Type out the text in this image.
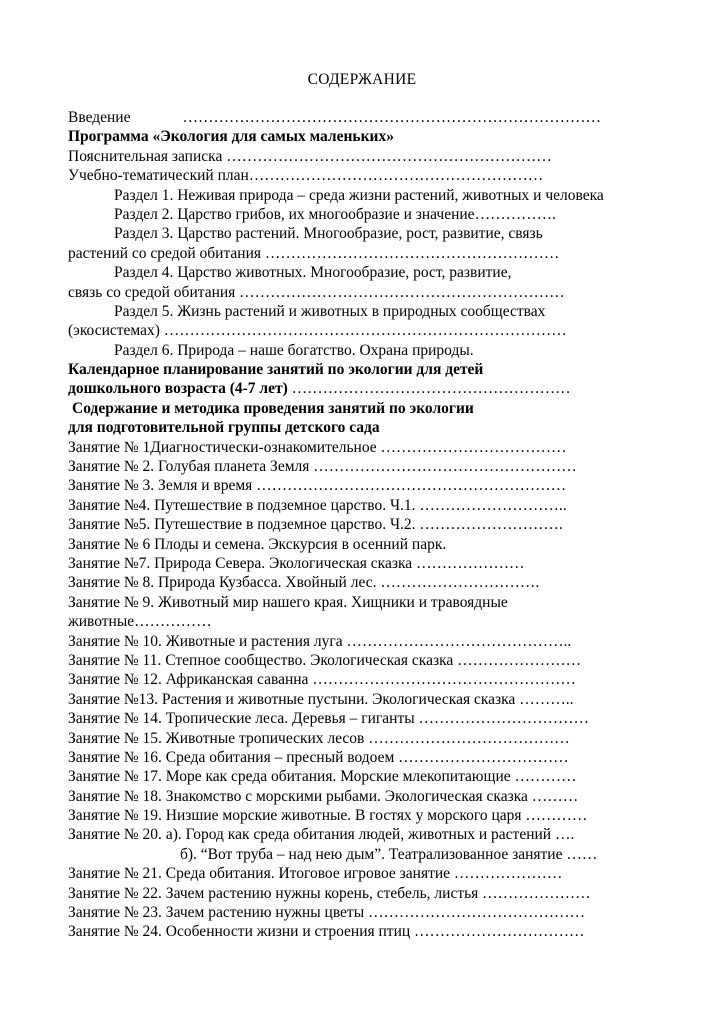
СОДЕРЖАНИЕ
Введение	………………………………………………………………………
Программа «Экология для самых маленьких»
Пояснительная записка ………………………………………………………
Учебно-тематический план…………………………………………………
Раздел 1. Неживая природа – среда жизни растений, животных и человека
Раздел 2. Царство грибов, их многообразие и значение…………….
Раздел 3. Царство растений. Многообразие, рост, развитие, связь
растений со средой обитания …………………………………………………
Раздел 4. Царство животных. Многообразие, рост, развитие,
связь со средой обитания ………………………………………………………
Раздел 5. Жизнь растений и животных в природных сообществах
(экосистемах) ……………………………………………………………………
Раздел 6. Природа – наше богатство. Охрана природы.
Календарное планирование занятий по экологии для детей
дошкольного возраста (4-7 лет) ………………………………………………
Содержание и методика проведения занятий по экологии
для подготовительной группы детского сада
Занятие № 1Диагностически-ознакомительное ………………………………
Занятие № 2. Голубая планета Земля ……………………………………………
Занятие № 3. Земля и время ……………………………………………………
Занятие №4. Путешествие в подземное царство. Ч.1. ………………………..
Занятие №5. Путешествие в подземное царство. Ч.2. ……………………….
Занятие № 6 Плоды и семена. Экскурсия в осенний парк.
Занятие №7. Природа Севера. Экологическая сказка …………………
Занятие № 8. Природа Кузбасса. Хвойный лес. ………………………….
Занятие № 9. Животный мир нашего края. Хищники и травоядные
животные……………
Занятие № 10. Животные и растения луга ……………………………………..
Занятие № 11. Степное сообщество. Экологическая сказка ……………………
Занятие № 12. Африканская саванна ……………………………………………
Занятие №13. Растения и животные пустыни. Экологическая сказка ………..
Занятие № 14. Тропические леса. Деревья – гиганты ……………………………
Занятие № 15. Животные тропических лесов …………………………………
Занятие № 16. Среда обитания – пресный водоем ……………………………
Занятие № 17. Море как среда обитания. Морские млекопитающие …………
Занятие № 18. Знакомство с морскими рыбами. Экологическая сказка ………
Занятие № 19. Низшие морские животные. В гостях у морского царя …………
Занятие № 20. а). Город как среда обитания людей, животных и растений ….
б). “Вот труба – над нею дым”. Театрализованное занятие ……
Занятие № 21. Среда обитания. Итоговое игровое занятие …………………
Занятие № 22. Зачем растению нужны корень, стебель, листья …………………
Занятие № 23. Зачем растению нужны цветы ……………………………………
Занятие № 24. Особенности жизни и строения птиц ……………………………
